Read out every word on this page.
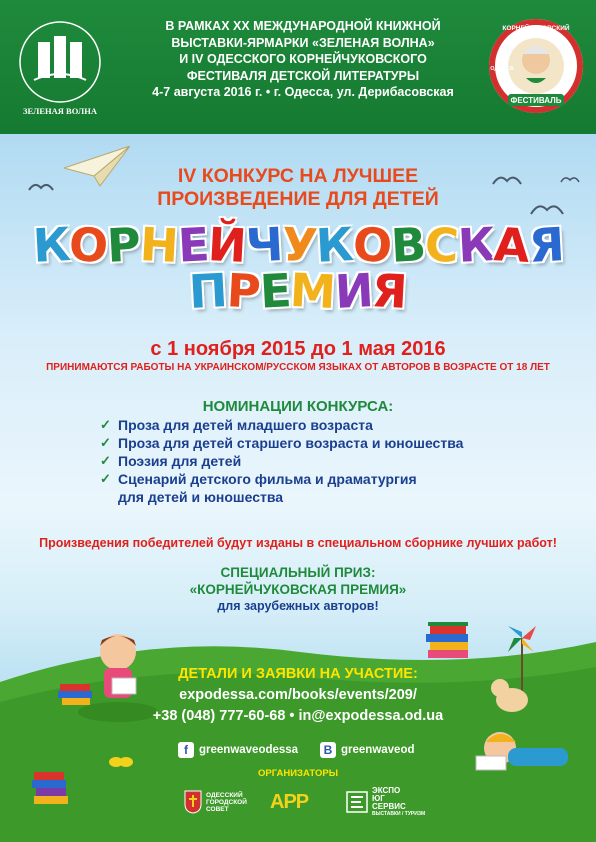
ЗЕЛЕНАЯ ВОЛНА
В РАМКАХ XX МЕЖДУНАРОДНОЙ КНИЖНОЙ
ВЫСТАВКИ-ЯРМАРКИ «ЗЕЛЕНАЯ ВОЛНА»
И IV ОДЕССКОГО КОРНЕЙЧУКОВСКОГО
ФЕСТИВАЛЯ ДЕТСКОЙ ЛИТЕРАТУРЫ
4-7 августа 2016 г. • г. Одесса, ул. Дерибасовская
ФЕСТИВАЛЬ
КОРНЕЙЧУКОВСКИЙ
ОДЕССА	2016
IV КОНКУРС НА ЛУЧШЕЕ
ПРОИЗВЕДЕНИЕ ДЛЯ ДЕТЕЙ
КОРНЕЙЧУКОВСКАЯ
ПРЕМИЯ
с 1 ноября 2015 до 1 мая 2016
ПРИНИМАЮТСЯ РАБОТЫ НА УКРАИНСКОМ/РУССКОМ ЯЗЫКАХ ОТ АВТОРОВ В ВОЗРАСТЕ ОТ 18 ЛЕТ
НОМИНАЦИИ КОНКУРСА:
✓ Проза для детей младшего возраста
✓ Проза для детей старшего возраста и юношества
✓ Поэзия для детей
✓ Сценарий детского фильма и драматургия
для детей и юношества
Произведения победителей будут изданы в специальном сборнике лучших работ!
СПЕЦИАЛЬНЫЙ ПРИЗ:
«КОРНЕЙЧУКОВСКАЯ ПРЕМИЯ»
для зарубежных авторов!
ДЕТАЛИ И ЗАЯВКИ НА УЧАСТИЕ:
expodessa.com/books/events/209/
+38 (048) 777-60-68 • in@expodessa.od.ua
f greenwaveodessa	B greenwaveod
ОРГАНИЗАТОРЫ
ОДЕССКИЙ
ГОРОДСКОЙ
СОВЕТ	АРР	ЭКСПО
ЮГ
СЕРВИС
ВЫСТАВКИ / ТУРИЗМ
